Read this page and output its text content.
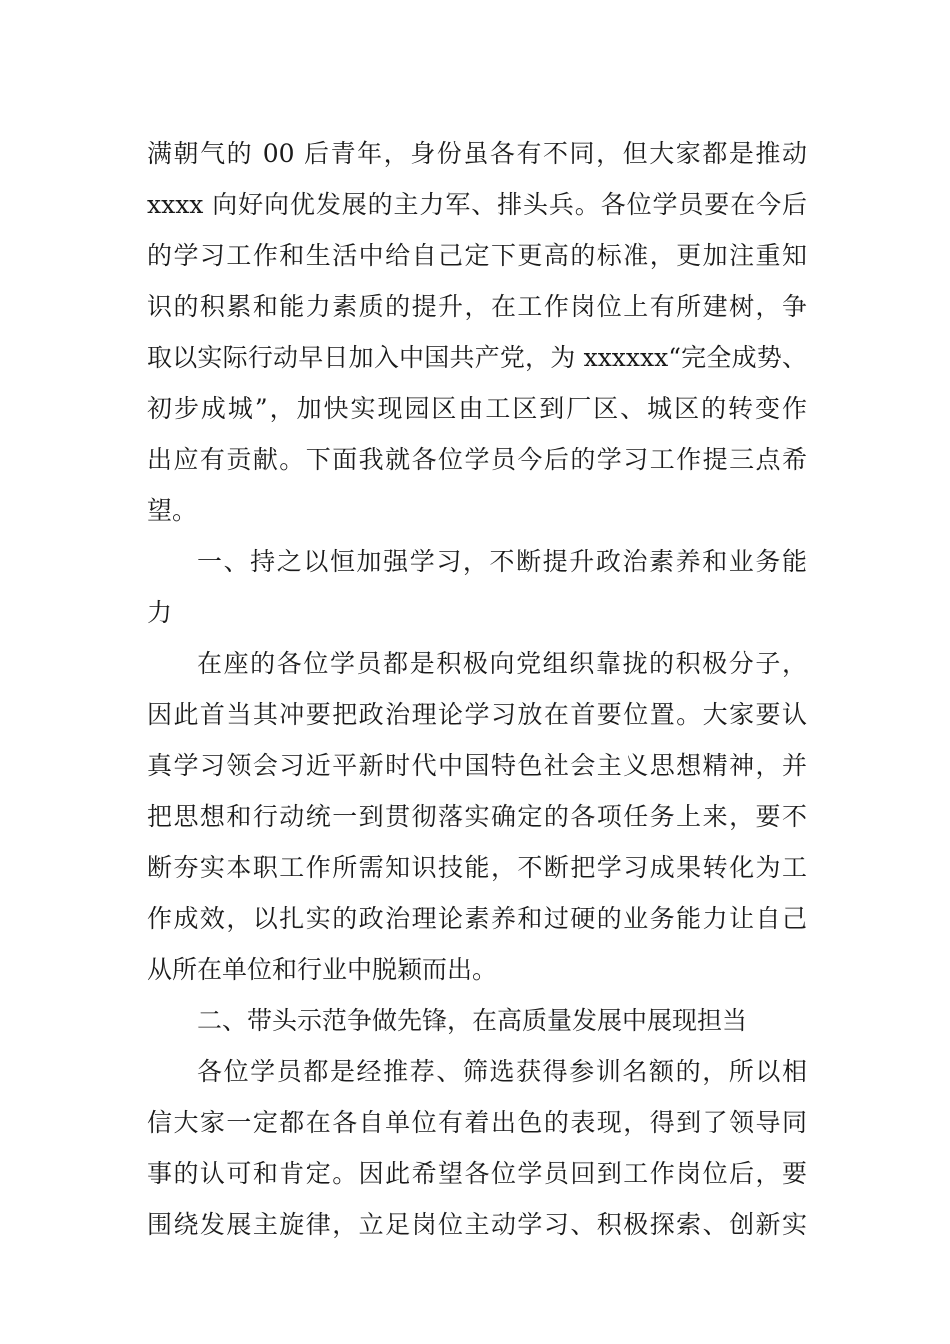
满朝气的 00 后青年，身份虽各有不同，但大家都是推动
xxxx 向好向优发展的主力军、排头兵。各位学员要在今后
的学习工作和生活中给自己定下更高的标准，更加注重知
识的积累和能力素质的提升，在工作岗位上有所建树，争
取以实际行动早日加入中国共产党，为 xxxxxx“完全成势、
初步成城”，加快实现园区由工区到厂区、城区的转变作
出应有贡献。下面我就各位学员今后的学习工作提三点希
望。
一、持之以恒加强学习，不断提升政治素养和业务能
力
在座的各位学员都是积极向党组织靠拢的积极分子，
因此首当其冲要把政治理论学习放在首要位置。大家要认
真学习领会习近平新时代中国特色社会主义思想精神，并
把思想和行动统一到贯彻落实确定的各项任务上来，要不
断夯实本职工作所需知识技能，不断把学习成果转化为工
作成效，以扎实的政治理论素养和过硬的业务能力让自己
从所在单位和行业中脱颖而出。
二、带头示范争做先锋，在高质量发展中展现担当
各位学员都是经推荐、筛选获得参训名额的，所以相
信大家一定都在各自单位有着出色的表现，得到了领导同
事的认可和肯定。因此希望各位学员回到工作岗位后，要
围绕发展主旋律，立足岗位主动学习、积极探索、创新实
